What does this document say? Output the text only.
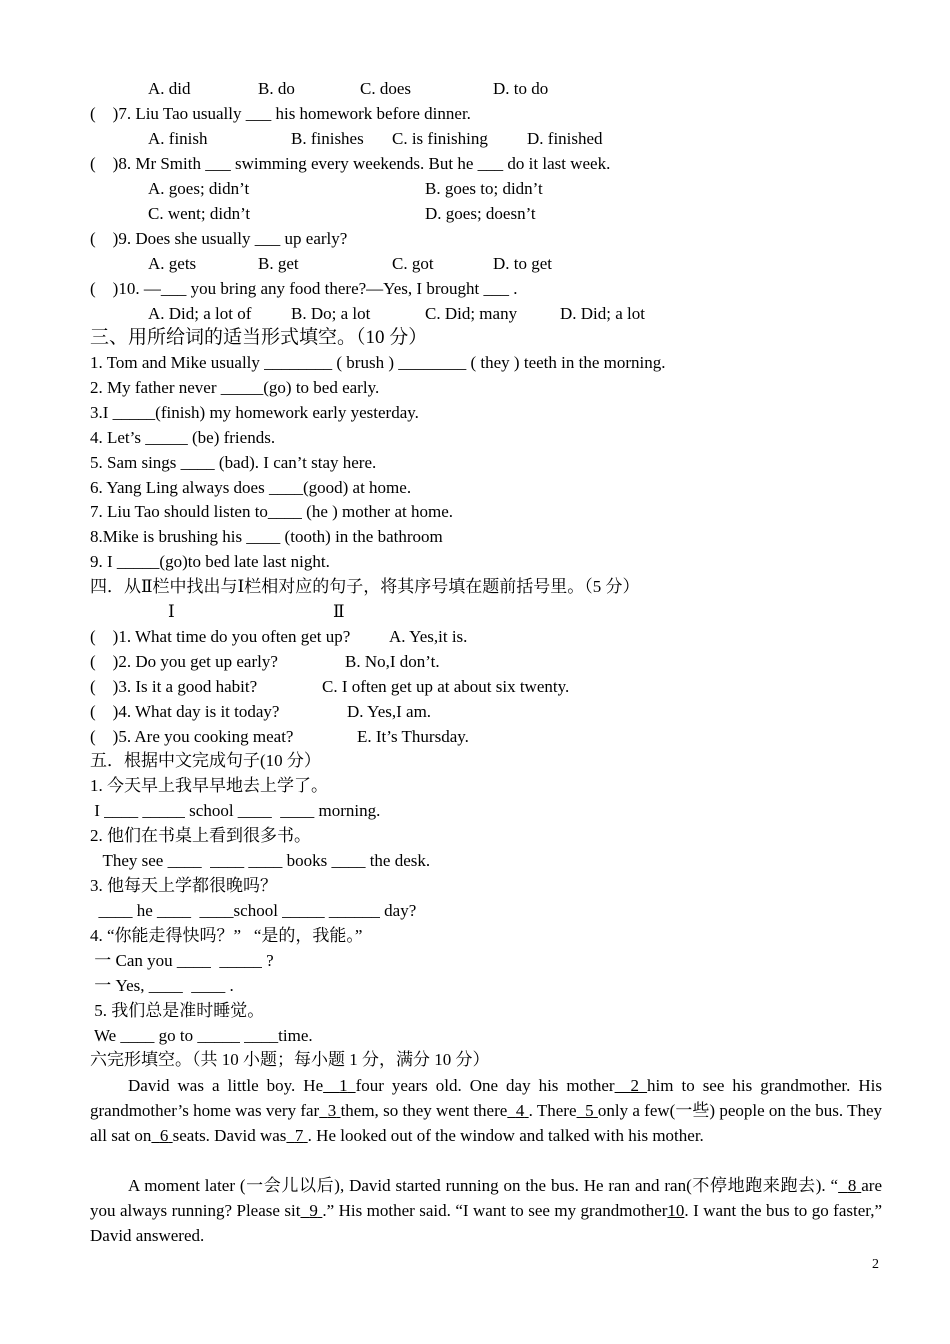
A. did	B. do	C. does	D. to do
(    )7. Liu Tao usually ___ his homework before dinner.
A. finish	B. finishes C. is finishing D. finished
(    )8. Mr Smith ___ swimming every weekends. But he ___ do it last week.
A. goes; didn’t	B. goes to; didn’t
C. went; didn’t	D. goes; doesn’t
(    )9. Does she usually ___ up early?
A. gets	B. get	C. got	D. to get
(    )10. —___ you bring any food there?—Yes, I brought ___ .
A. Did; a lot of B. Do; a lot	C. Did; many	D. Did; a lot
三、用所给词的适当形式填空。（10 分）
1. Tom and Mike usually ________ ( brush ) ________ ( they ) teeth in the morning.
2. My father never _____(go) to bed early.
3.I _____(finish) my homework early yesterday.
4. Let’s _____ (be) friends.
5. Sam sings ____ (bad). I can’t stay here.
6. Yang Ling always does ____(good) at home.
7. Liu Tao should listen to____ (he ) mother at home.
8.Mike is brushing his ____ (tooth) in the bathroom
9. I _____(go)to bed late last night.
四．从Ⅱ栏中找出与Ⅰ栏相对应的句子，将其序号填在题前括号里。（5 分）
Ⅰ	Ⅱ
(    )1. What time do you often get up? A. Yes,it is.
(    )2. Do you get up early?	B. No,I don’t.
(    )3. Is it a good habit?	C. I often get up at about six twenty.
(    )4. What day is it today?	D. Yes,I am.
(    )5. Are you cooking meat?	E. It’s Thursday.
五．根据中文完成句子(10 分）
1. 今天早上我早早地去上学了。
I ____ _____ school ____  ____ morning.
2. 他们在书桌上看到很多书。
They see ____  ____ ____ books ____ the desk.
3. 他每天上学都很晚吗？
____ he ____  ____school _____ ______ day?
4. “你能走得快吗？”   “是的，我能。”
一 Can you ____  _____ ?
一 Yes, ____  ____ .
5. 我们总是准时睡觉。
We ____ go to _____ ____time.
六完形填空。（共 10 小题；每小题 1 分，满分 10 分）
David was a little boy. He 1 four years old. One day his mother 2 him to see his grandmother. His grandmother’s home was very far 3 them, so they went there 4 . There 5 only a few(一些) people on the bus. They all sat on 6 seats. David was 7 . He looked out of the window and talked with his mother.
A moment later (一会儿以后), David started running on the bus. He ran and ran(不停地跑来跑去). “ 8 are you always running? Please sit 9 .” His mother said. “I want to see my grandmother10. I want the bus to go faster,” David answered.
2
